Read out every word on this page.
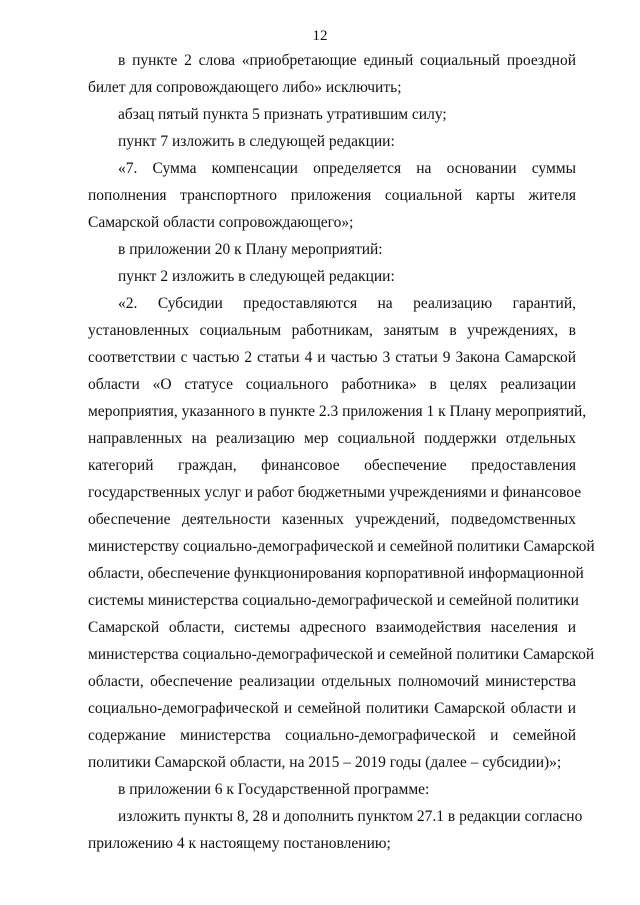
12
в пункте 2 слова «приобретающие единый социальный проездной
билет для сопровождающего либо» исключить;
абзац пятый пункта 5 признать утратившим силу;
пункт 7 изложить в следующей редакции:
«7. Сумма компенсации определяется на основании суммы
пополнения транспортного приложения социальной карты жителя
Самарской области сопровождающего»;
в приложении 20 к Плану мероприятий:
пункт 2 изложить в следующей редакции:
«2. Субсидии предоставляются на реализацию гарантий,
установленных социальным работникам, занятым в учреждениях, в
соответствии с частью 2 статьи 4 и частью 3 статьи 9 Закона Самарской
области «О статусе социального работника» в целях реализации
мероприятия, указанного в пункте 2.3 приложения 1 к Плану мероприятий,
направленных на реализацию мер социальной поддержки отдельных
категорий граждан, финансовое обеспечение предоставления
государственных услуг и работ бюджетными учреждениями и финансовое
обеспечение деятельности казенных учреждений, подведомственных
министерству социально-демографической и семейной политики Самарской
области, обеспечение функционирования корпоративной информационной
системы министерства социально-демографической и семейной политики
Самарской области, системы адресного взаимодействия населения и
министерства социально-демографической и семейной политики Самарской
области, обеспечение реализации отдельных полномочий министерства
социально-демографической и семейной политики Самарской области и
содержание министерства социально-демографической и семейной
политики Самарской области, на 2015 – 2019 годы (далее – субсидии)»;
в приложении 6 к Государственной программе:
изложить пункты 8, 28 и дополнить пунктом 27.1 в редакции согласно
приложению 4 к настоящему постановлению;
